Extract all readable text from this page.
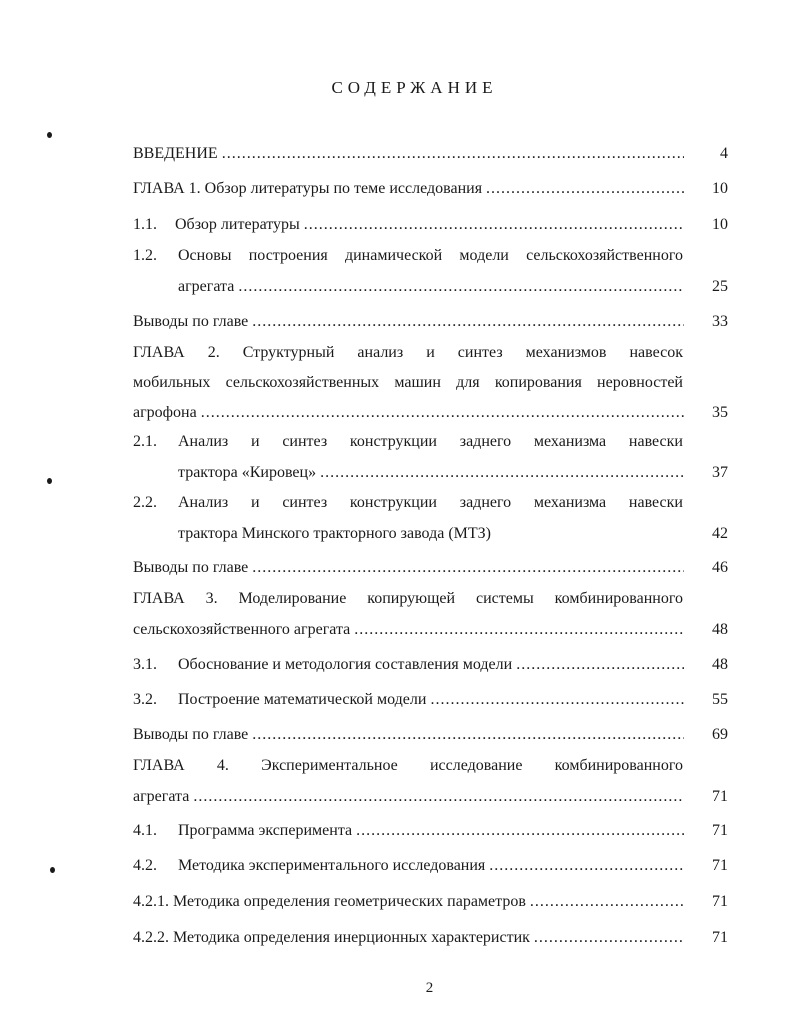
СОДЕРЖАНИЕ
ВВЕДЕНИЕ .....	4
ГЛАВА 1. Обзор литературы по теме исследования .....	10
1.1.	Обзор литературы .....	10
1.2.	Основы построения динамической модели сельскохозяйственного
агрегата .....	25
Выводы по главе .....	33
ГЛАВА 2. Структурный анализ и синтез механизмов навесок
мобильных сельскохозяйственных машин для копирования неровностей
агрофона .....	35
2.1.	Анализ и синтез конструкции заднего механизма навески
трактора «Кировец» .....	37
2.2.	Анализ и синтез конструкции заднего механизма навески
трактора Минского тракторного завода (МТЗ)	42
Выводы по главе .....	46
ГЛАВА 3. Моделирование копирующей системы комбинированного
сельскохозяйственного агрегата .....	48
3.1.	Обоснование и методология составления модели .....	48
3.2.	Построение математической модели .....	55
Выводы по главе .....	69
ГЛАВА 4. Экспериментальное исследование комбинированного
агрегата .....	71
4.1.	Программа эксперимента .....	71
4.2.	Методика экспериментального исследования .....	71
4.2.1. Методика определения геометрических параметров .....	71
4.2.2. Методика определения инерционных характеристик .....	71
2
